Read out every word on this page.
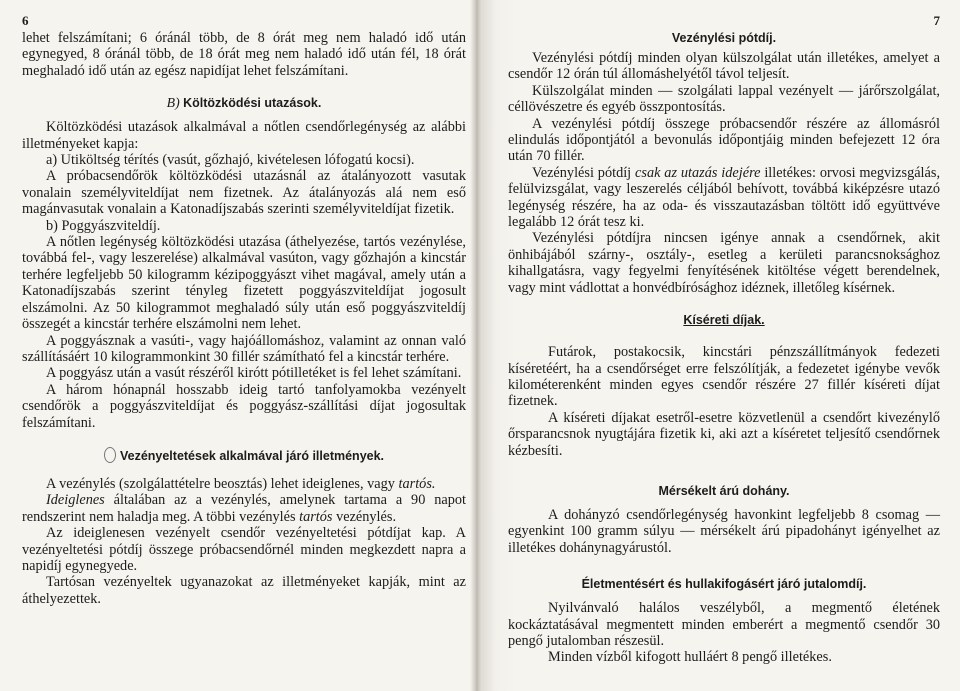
6

lehet felszámítani; 6 óránál több, de 8 órát meg nem haladó idő után egynegyed, 8 óránál több, de 18 órát meg nem haladó idő után fél, 18 órát meghaladó idő után az egész napidíjat lehet felszámítani.

B) Költözködési utazások.

Költözködési utazások alkalmával a nőtlen csendőrlegénység az alábbi illetményeket kapja:

a) Utiköltség térítés (vasút, gőzhajó, kivételesen lófogatú kocsi).

A próbacsendőrök költözködési utazásnál az átalányozott vasutak vonalain személyviteldíjat nem fizetnek. Az átalányozás alá nem eső magánvasutak vonalain a Katonadíjszabás szerinti személyviteldíjat fizetik.

b) Poggyászviteldíj.

A nőtlen legénység költözködési utazása (áthelyezése, tartós vezénylése, továbbá fel-, vagy leszerelése) alkalmával vasúton, vagy gőzhajón a kincstár terhére legfeljebb 50 kilogramm kézipoggyászt vihet magával, amely után a Katonadíjszabás szerint tényleg fizetett poggyászviteldíjat jogosult elszámolni. Az 50 kilogrammot meghaladó súly után eső poggyászviteldíj összegét a kincstár terhére elszámolni nem lehet.

A poggyásznak a vasúti-, vagy hajóállomáshoz, valamint az onnan való szállításáért 10 kilogrammonkint 30 fillér számítható fel a kincstár terhére.

A poggyász után a vasút részéről kirótt pótilletéket is fel lehet számítani.

A három hónapnál hosszabb ideig tartó tanfolyamokba vezényelt csendőrök a poggyászviteldíjat és poggyász-szállítási díjat jogosultak felszámítani.

Vezényeltetések alkalmával járó illetmények.

A vezénylés (szolgálattételre beosztás) lehet ideiglenes, vagy tartós.

Ideiglenes általában az a vezénylés, amelynek tartama a 90 napot rendszerint nem haladja meg. A többi vezénylés tartós vezénylés.

Az ideiglenesen vezényelt csendőr vezényeltetési pótdíjat kap. A vezényeltetési pótdíj összege próbacsendőrnél minden megkezdett napra a napidíj egynegyede.

Tartósan vezényeltek ugyanazokat az illetményeket kapják, mint az áthelyezettek.

7
Vezénylési pótdíj.

Vezénylési pótdíj minden olyan külszolgálat után illetékes, amelyet a csendőr 12 órán túl állomáshelyétől távol teljesít.

Külszolgálat minden — szolgálati lappal vezényelt — járőrszolgálat, céllövészetre és egyéb összpontosítás.

A vezénylési pótdíj összege próbacsendőr részére az állomásról elindulás időpontjától a bevonulás időpontjáig minden befejezett 12 óra után 70 fillér.

Vezénylési pótdíj csak az utazás idejére illetékes: orvosi megvizsgálás, felülvizsgálat, vagy leszerelés céljából behívott, továbbá kiképzésre utazó legénység részére, ha az oda- és visszautazásban töltött idő együttvéve legalább 12 órát tesz ki.

Vezénylési pótdíjra nincsen igénye annak a csendőrnek, akit önhibájából szárny-, osztály-, esetleg a kerületi parancsnoksághoz kihallgatásra, vagy fegyelmi fenyítésének kitöltése végett berendelnek, vagy mint vádlottat a honvédbírósághoz idéznek, illetőleg kísérnek.

Kíséreti díjak.

Futárok, postakocsik, kincstári pénzszállítmányok fedezeti kíséretéért, ha a csendőrséget erre felszólítják, a fedezetet igénybe vevők kilométerenként minden egyes csendőr részére 27 fillér kíséreti díjat fizetnek.

A kíséreti díjakat esetről-esetre közvetlenül a csendőrt kivezénylő őrsparancsnok nyugtájára fizetik ki, aki azt a kíséretet teljesítő csendőrnek kézbesíti.

Mérsékelt árú dohány.

A dohányzó csendőrlegénység havonkint legfeljebb 8 csomag — egyenkint 100 gramm súlyu — mérsékelt árú pipadohányt igényelhet az illetékes dohánynagyárustól.

Életmentésért és hullakifogásért járó jutalomdíj.

Nyilvánvaló halálos veszélyből, a megmentő életének kockáztatásával megmentett minden emberért a megmentő csendőr 30 pengő jutalomban részesül.

Minden vízből kifogott hulláért 8 pengő illetékes.
